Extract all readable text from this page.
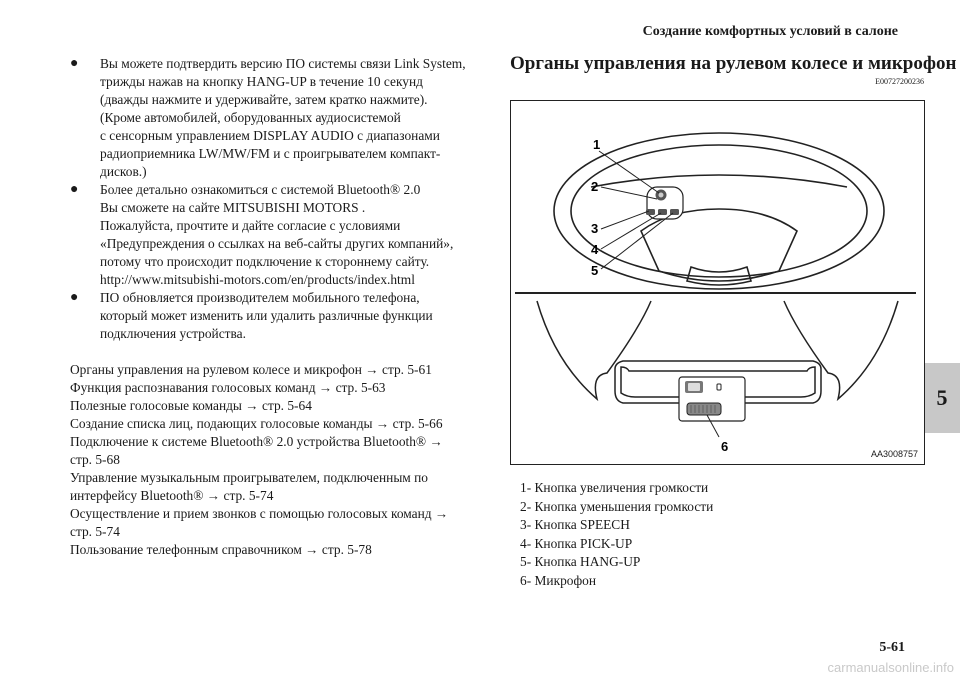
Создание комфортных условий в салоне
5
●	Вы можете подтвердить версию ПО системы связи Link System,
трижды нажав на кнопку HANG-UP в течение 10 секунд
(дважды нажмите и удерживайте, затем кратко нажмите).
(Кроме автомобилей, оборудованных аудиосистемой
с сенсорным управлением DISPLAY AUDIO с диапазонами
радиоприемника LW/MW/FM и с проигрывателем компакт-
дисков.)
●	Более детально ознакомиться с системой Bluetooth® 2.0
Вы сможете на сайте MITSUBISHI MOTORS .
Пожалуйста, прочтите и дайте согласие с условиями
«Предупреждения о ссылках на веб-сайты других компаний»,
потому что происходит подключение к стороннему сайту.
http://www.mitsubishi-motors.com/en/products/index.html
●	ПО обновляется производителем мобильного телефона,
который может изменить или удалить различные функции
подключения устройства.
Органы управления на рулевом колесе и микрофон → стр. 5-61
Функция распознавания голосовых команд → стр. 5-63
Полезные голосовые команды → стр. 5-64
Создание списка лиц, подающих голосовые команды → стр. 5-66
Подключение к системе Bluetooth® 2.0 устройства Bluetooth® →
стр. 5-68
Управление музыкальным проигрывателем, подключенным по
интерфейсу Bluetooth® → стр. 5-74
Осуществление и прием звонков с помощью голосовых команд →
стр. 5-74
Пользование телефонным справочником → стр. 5-78
Органы управления на рулевом колесе и микрофон
E00727200236
1
2
3
4
5
6	AA3008757
1- Кнопка увеличения громкости
2- Кнопка уменьшения громкости
3- Кнопка SPEECH
4- Кнопка PICK-UP
5- Кнопка HANG-UP
6- Микрофон
5-61
carmanualsonline.info
